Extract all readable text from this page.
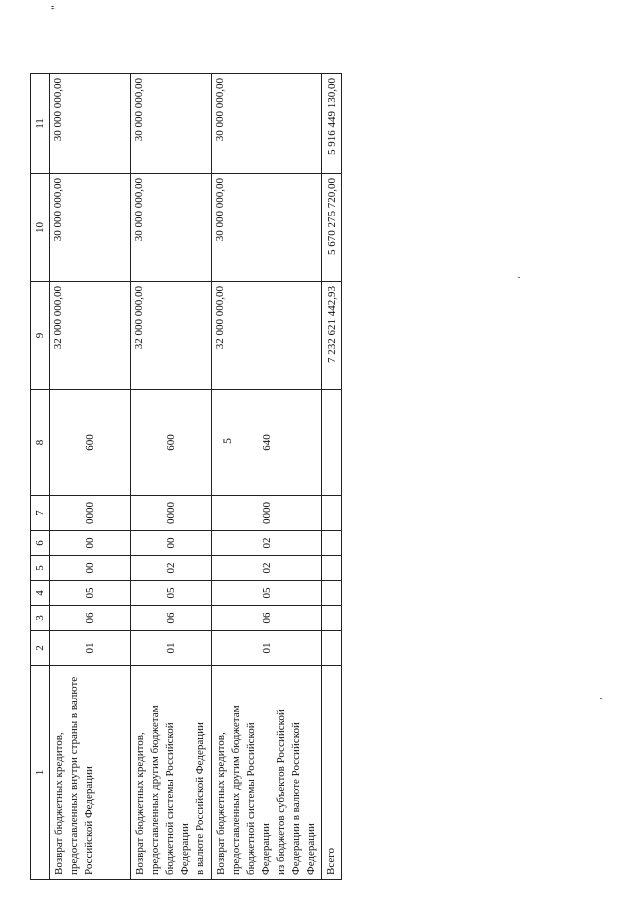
5
"
1	2	3	4	5	6	7	8	9	10	11

Возврат бюджетных кредитов, предоставленных внутри страны в валюте Российской Федерации	01	06	05	00	00	0000	600	32 000 000,00	30 000 000,00	30 000 000,00

Возврат бюджетных кредитов, предоставленных другим бюджетам бюджетной системы Российской Федерации в валюте Российской Федерации	01	06	05	02	00	0000	600	32 000 000,00	30 000 000,00	30 000 000,00

Возврат бюджетных кредитов, предоставленных другим бюджетам бюджетной системы Российской Федерации из бюджетов субъектов Российской Федерации в валюте Российской Федерации	01	06	05	02	02	0000	640	32 000 000,00	30 000 000,00	30 000 000,00
Всего								7 232 621 442,93	5 670 275 720,00	5 916 449 130,00
